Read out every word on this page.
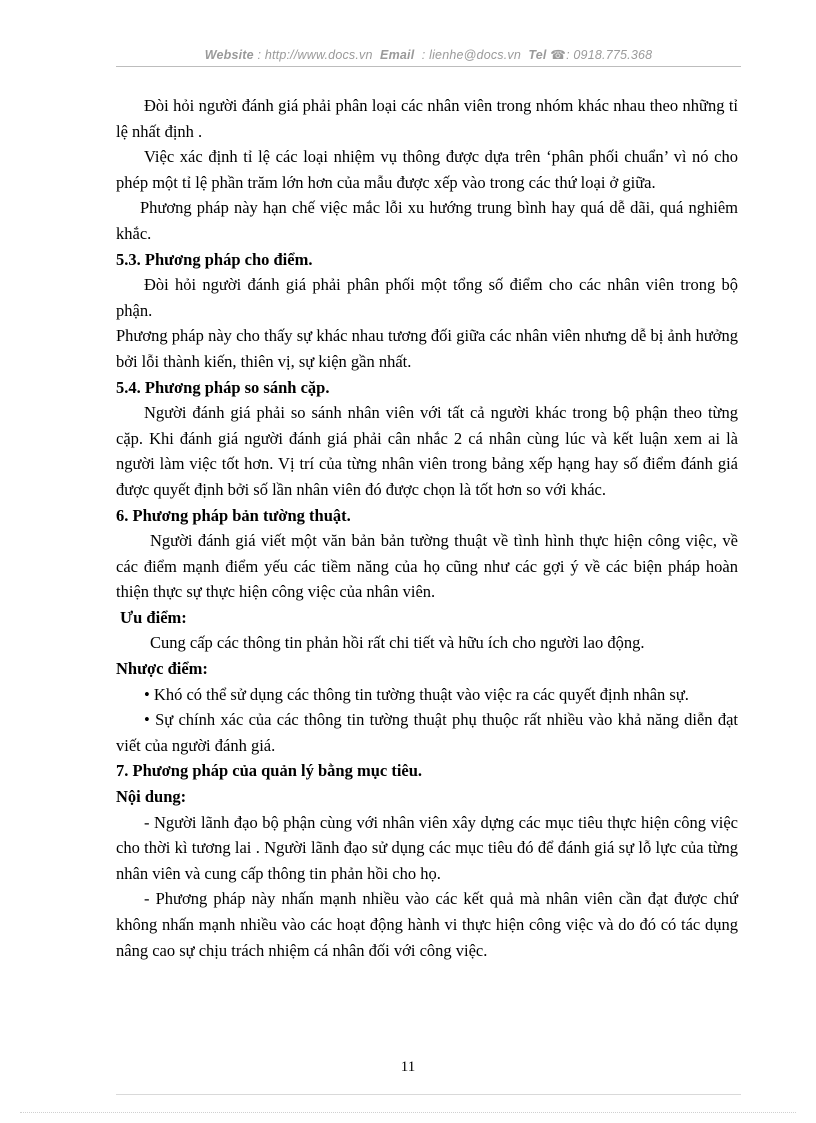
Website : http://www.docs.vn Email : lienhe@docs.vn Tel ☎: 0918.775.368

Đòi hỏi người đánh giá phải phân loại các nhân viên trong nhóm khác nhau theo những tỉ lệ nhất định .

Việc xác định tỉ lệ các loại nhiệm vụ thông được dựa trên ‘phân phối chuẩn’ vì nó cho phép một tỉ lệ phần trăm lớn hơn của mẫu được xếp vào trong các thứ loại ở giữa.

Phương pháp này hạn chế việc mắc lỗi xu hướng trung bình hay quá dễ dãi, quá nghiêm khắc.

5.3. Phương pháp cho điểm.

Đòi hỏi người đánh giá phải phân phối một tổng số điểm cho các nhân viên trong bộ phận.

Phương pháp này cho thấy sự khác nhau tương đối giữa các nhân viên nhưng dễ bị ảnh hưởng bởi lỗi thành kiến, thiên vị, sự kiện gần nhất.

5.4. Phương pháp so sánh cặp.

Người đánh giá phải so sánh nhân viên với tất cả người khác trong bộ phận theo từng cặp. Khi đánh giá người đánh giá phải cân nhắc 2 cá nhân cùng lúc và kết luận xem ai là người làm việc tốt hơn. Vị trí của từng nhân viên trong bảng xếp hạng hay số điểm đánh giá được quyết định bởi số lần nhân viên đó được chọn là tốt hơn so với khác.

6. Phương pháp bản tường thuật.

Người đánh giá viết một văn bản bản tường thuật về tình hình thực hiện công việc, về các điểm mạnh điểm yếu các tiềm năng của họ cũng như các gợi ý về các biện pháp hoàn thiện thực sự thực hiện công việc của nhân viên.

Ưu điểm:

Cung cấp các thông tin phản hồi rất chi tiết và hữu ích cho người lao động.

Nhược điểm:

• Khó có thể sử dụng các thông tin tường thuật vào việc ra các quyết định nhân sự.

• Sự chính xác của các thông tin tường thuật phụ thuộc rất nhiều vào khả năng diễn đạt viết của người đánh giá.

7. Phương pháp của quản lý bằng mục tiêu.

Nội dung:

- Người lãnh đạo bộ phận cùng với nhân viên xây dựng các mục tiêu thực hiện công việc cho thời kì tương lai . Người lãnh đạo sử dụng các mục tiêu đó để đánh giá sự lỗ lực của từng nhân viên và cung cấp thông tin phản hồi cho họ.

- Phương pháp này nhấn mạnh nhiều vào các kết quả mà nhân viên cần đạt được chứ không nhấn mạnh nhiều vào các hoạt động hành vi thực hiện công việc và do đó có tác dụng nâng cao sự chịu trách nhiệm cá nhân đối với công việc.

11
